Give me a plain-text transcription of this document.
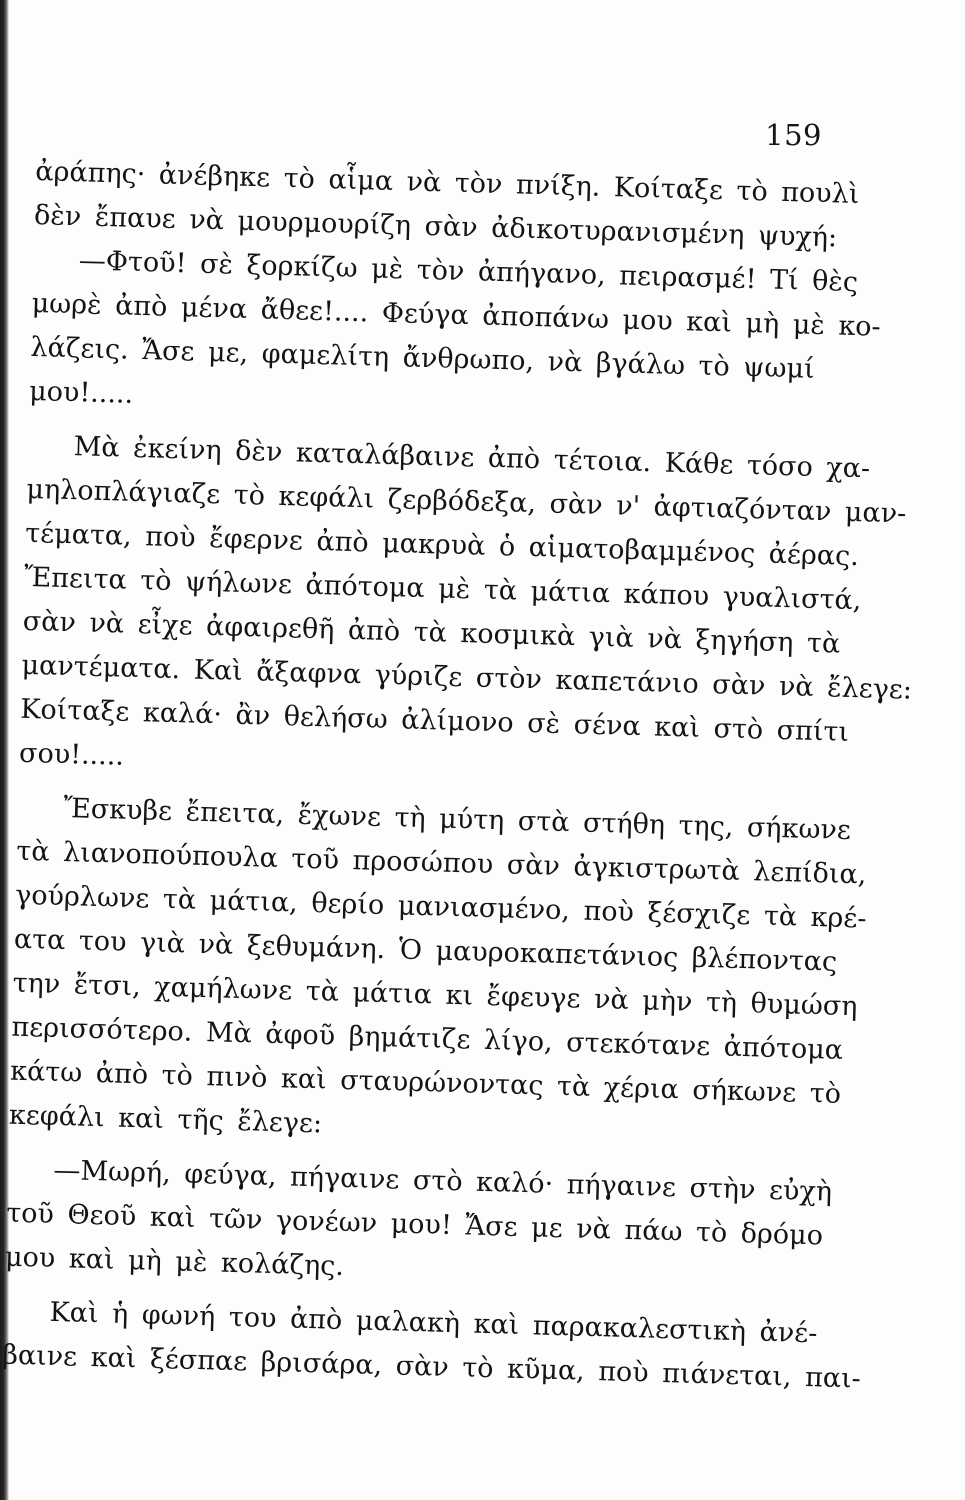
159
ἀράπης· ἀνέβηκε τὸ αἷμα νὰ τὸν πνίξη. Κοίταξε τὸ πουλὶ
δὲν ἔπαυε νὰ μουρμουρίζη σὰν ἀδικοτυρανισμένη ψυχή:
—Φτοῦ! σὲ ξορκίζω μὲ τὸν ἀπήγανο, πειρασμέ! Τί θὲς
μωρὲ ἀπὸ μένα ἄθεε!.... Φεύγα ἀποπάνω μου καὶ μὴ μὲ κο-
λάζεις. Ἄσε με, φαμελίτη ἄνθρωπο, νὰ βγάλω τὸ ψωμί
μου!.....
Μὰ ἐκείνη δὲν καταλάβαινε ἀπὸ τέτοια. Κάθε τόσο χα-
μηλοπλάγιαζε τὸ κεφάλι ζερβόδεξα, σὰν ν' ἀφτιαζόνταν μαν-
τέματα, ποὺ ἔφερνε ἀπὸ μακρυὰ ὁ αἱματοβαμμένος ἀέρας.
Ἔπειτα τὸ ψήλωνε ἀπότομα μὲ τὰ μάτια κάπου γυαλιστά,
σὰν νὰ εἶχε ἀφαιρεθῆ ἀπὸ τὰ κοσμικὰ γιὰ νὰ ξηγήση τὰ
μαντέματα. Καὶ ἄξαφνα γύριζε στὸν καπετάνιο σὰν νὰ ἔλεγε:
Κοίταξε καλά· ἂν θελήσω ἀλίμονο σὲ σένα καὶ στὸ σπίτι
σου!.....
Ἔσκυβε ἔπειτα, ἔχωνε τὴ μύτη στὰ στήθη της, σήκωνε
τὰ λιανοπούπουλα τοῦ προσώπου σὰν ἀγκιστρωτὰ λεπίδια,
γούρλωνε τὰ μάτια, θερίο μανιασμένο, ποὺ ξέσχιζε τὰ κρέ-
ατα του γιὰ νὰ ξεθυμάνη. Ὁ μαυροκαπετάνιος βλέποντας
την ἔτσι, χαμήλωνε τὰ μάτια κι ἔφευγε νὰ μὴν τὴ θυμώση
περισσότερο. Μὰ ἀφοῦ βημάτιζε λίγο, στεκότανε ἀπότομα
κάτω ἀπὸ τὸ πινὸ καὶ σταυρώνοντας τὰ χέρια σήκωνε τὸ
κεφάλι καὶ τῆς ἔλεγε:
—Μωρή, φεύγα, πήγαινε στὸ καλό· πήγαινε στὴν εὐχὴ
τοῦ Θεοῦ καὶ τῶν γονέων μου! Ἄσε με νὰ πάω τὸ δρόμο
μου καὶ μὴ μὲ κολάζης.
Καὶ ἡ φωνή του ἀπὸ μαλακὴ καὶ παρακαλεστικὴ ἀνέ-
βαινε καὶ ξέσπαε βρισάρα, σὰν τὸ κῦμα, ποὺ πιάνεται, παι-
